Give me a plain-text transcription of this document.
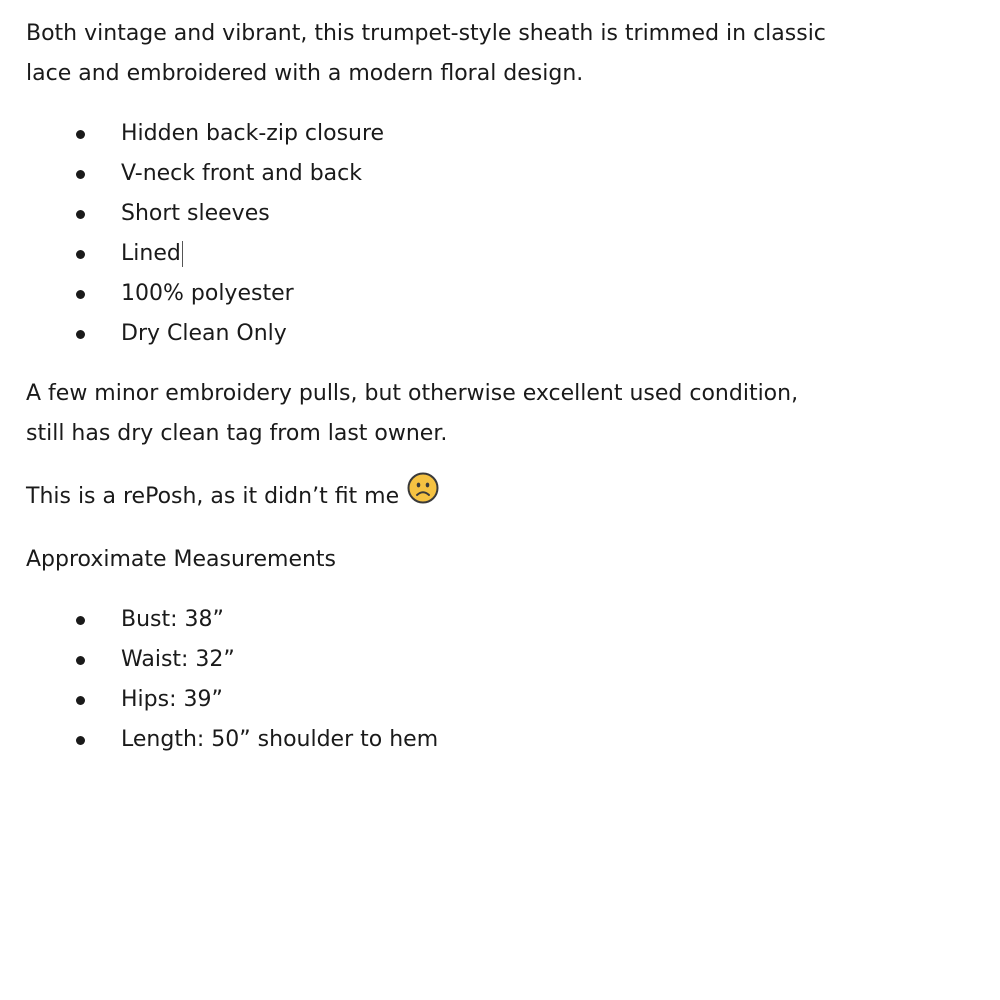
Both vintage and vibrant, this trumpet-style sheath is trimmed in classic
lace and embroidered with a modern floral design.

Hidden back-zip closure
V-neck front and back
Short sleeves
Lined
100% polyester
Dry Clean Only

A few minor embroidery pulls, but otherwise excellent used condition,
still has dry clean tag from last owner.

This is a rePosh, as it didn’t fit me

Approximate Measurements

Bust: 38”
Waist: 32”
Hips: 39”
Length: 50” shoulder to hem
